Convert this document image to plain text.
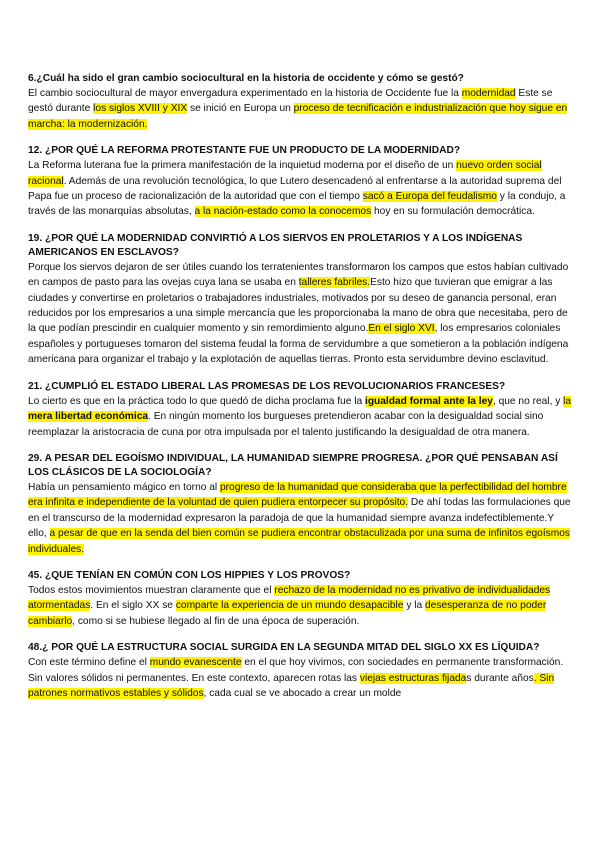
6.¿Cuál ha sido el gran cambio sociocultural en la historia de occidente y cómo se gestó?

El cambio sociocultural de mayor envergadura experimentado en la historia de Occidente fue la modernidad Este se gestó durante los siglos XVIII y XIX se inició en Europa un proceso de tecnificación e industrialización que hoy sigue en marcha: la modernización.

12. ¿POR QUÉ LA REFORMA PROTESTANTE FUE UN PRODUCTO DE LA MODERNIDAD?

La Reforma luterana fue la primera manifestación de la inquietud moderna por el diseño de un nuevo orden social racional. Además de una revolución tecnológica, lo que Lutero desencadenó al enfrentarse a la autoridad suprema del Papa fue un proceso de racionalización de la autoridad que con el tiempo sacó a Europa del feudalismo y la condujo, a través de las monarquías absolutas, a la nación-estado como la conocemos hoy en su formulación democrática.

19. ¿POR QUÉ LA MODERNIDAD CONVIRTIÓ A LOS SIERVOS EN PROLETARIOS Y A LOS INDÍGENAS AMERICANOS EN ESCLAVOS?

Porque los siervos dejaron de ser útiles cuando los terratenientes transformaron los campos que estos habían cultivado en campos de pasto para las ovejas cuya lana se usaba en talleres fabriles.Esto hizo que tuvieran que emigrar a las ciudades y convertirse en proletarios o trabajadores industriales, motivados por su deseo de ganancia personal, eran reducidos por los empresarios a una simple mercancía que les proporcionaba la mano de obra que necesitaba, pero de la que podían prescindir en cualquier momento y sin remordimiento alguno.En el siglo XVI, los empresarios coloniales españoles y portugueses tomaron del sistema feudal la forma de servidumbre a que sometieron a la población indígena americana para organizar el trabajo y la explotación de aquellas tierras. Pronto esta servidumbre devino esclavitud.

21. ¿CUMPLIÓ EL ESTADO LIBERAL LAS PROMESAS DE LOS REVOLUCIONARIOS FRANCESES?

Lo cierto es que en la práctica todo lo que quedó de dicha proclama fue la igualdad formal ante la ley, que no real, y la mera libertad económica. En ningún momento los burgueses pretendieron acabar con la desigualdad social sino reemplazar la aristocracia de cuna por otra impulsada por el talento justificando la desigualdad de otra manera.

29. A PESAR DEL EGOÍSMO INDIVIDUAL, LA HUMANIDAD SIEMPRE PROGRESA. ¿POR QUÉ PENSABAN ASÍ LOS CLÁSICOS DE LA SOCIOLOGÍA?

Había un pensamiento mágico en torno al progreso de la humanidad que consideraba que la perfectibilidad del hombre era infinita e independiente de la voluntad de quien pudiera entorpecer su propósito. De ahí todas las formulaciones que en el transcurso de la modernidad expresaron la paradoja de que la humanidad siempre avanza indefectiblemente.Y ello, a pesar de que en la senda del bien común se pudiera encontrar obstaculizada por una suma de infinitos egoísmos individuales.

45. ¿QUE TENÍAN EN COMÚN CON LOS HIPPIES Y LOS PROVOS?

Todos estos movimientos muestran claramente que el rechazo de la modernidad no es privativo de individualidades atormentadas. En el siglo XX se comparte la experiencia de un mundo desapacible y la desesperanza de no poder cambiarlo, como si se hubiese llegado al fin de una época de superación.

48.¿ POR QUÉ LA ESTRUCTURA SOCIAL SURGIDA EN LA SEGUNDA MITAD DEL SIGLO XX ES LÍQUIDA?

Con este término define el mundo evanescente en el que hoy vivimos, con sociedades en permanente transformación. Sin valores sólidos ni permanentes. En este contexto, aparecen rotas las viejas estructuras fijadas durante años. Sin patrones normativos estables y sólidos, cada cual se ve abocado a crear un molde
